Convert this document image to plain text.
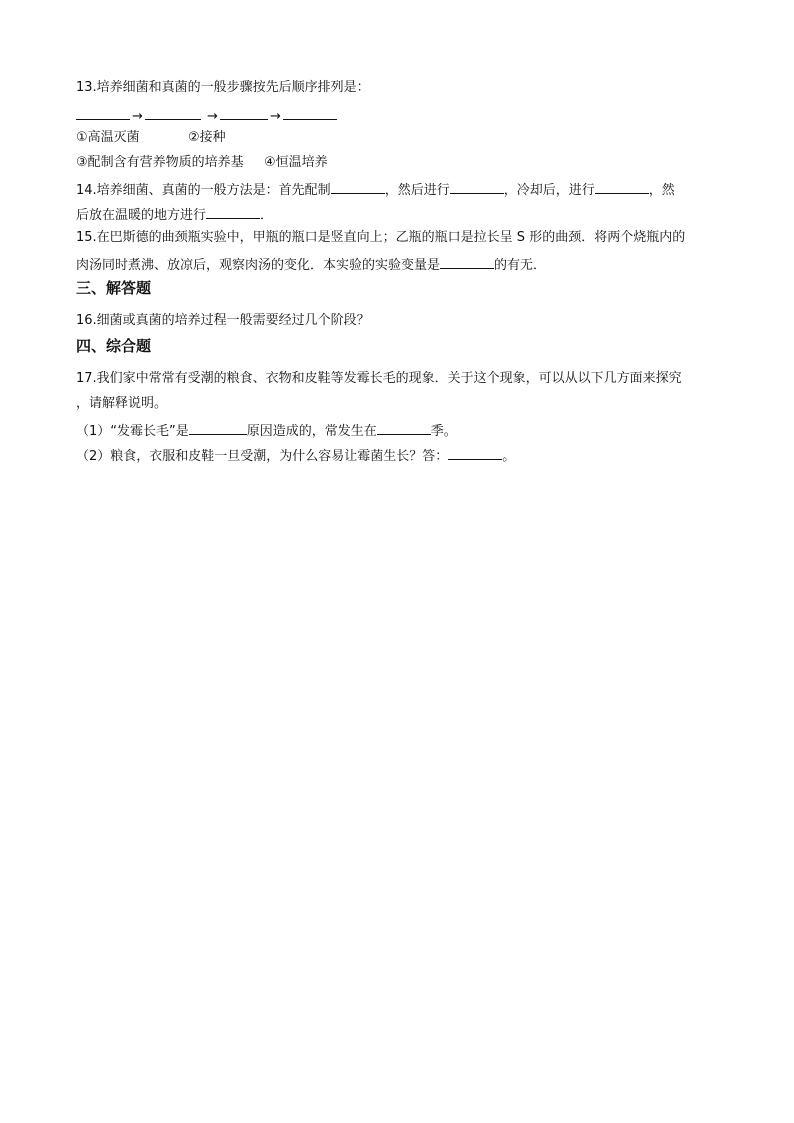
13.培养细菌和真菌的一般步骤按先后顺序排列是：
→	→	→
①高温灭菌	②接种
③配制含有营养物质的培养基 ④恒温培养
14.培养细菌、真菌的一般方法是：首先配制	，然后进行	，冷却后，进行	，然
后放在温暖的地方进行	．
15.在巴斯德的曲颈瓶实验中，甲瓶的瓶口是竖直向上；乙瓶的瓶口是拉长呈 S 形的曲颈．将两个烧瓶内的
肉汤同时煮沸、放凉后，观察肉汤的变化．本实验的实验变量是	的有无．
三、解答题
16.细菌或真菌的培养过程一般需要经过几个阶段？
四、综合题
17.我们家中常常有受潮的粮食、衣物和皮鞋等发霉长毛的现象．关于这个现象，可以从以下几方面来探究
，请解释说明。
（1）“发霉长毛”是	原因造成的，常发生在	季。
（2）粮食，衣服和皮鞋一旦受潮，为什么容易让霉菌生长？答：	。
